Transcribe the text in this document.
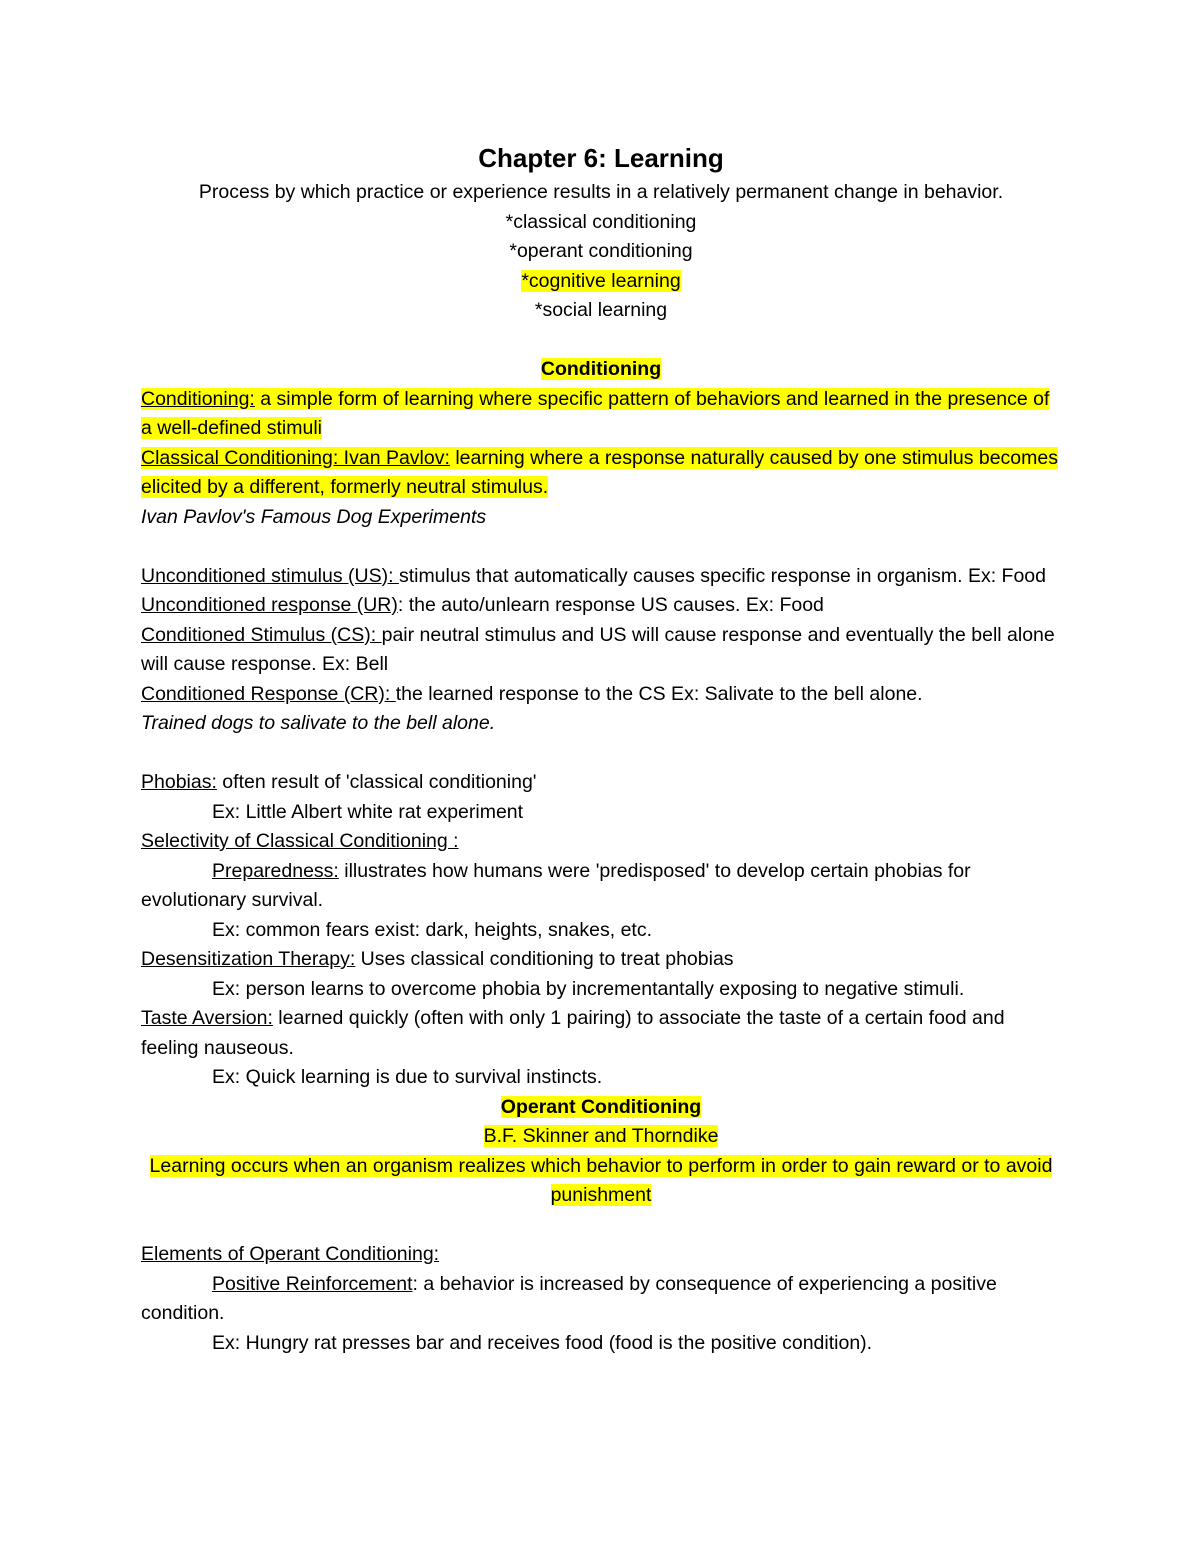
Chapter 6: Learning

Process by which practice or experience results in a relatively permanent change in behavior.

*classical conditioning

*operant conditioning

*cognitive learning

*social learning

Conditioning

Conditioning: a simple form of learning where specific pattern of behaviors and learned in the presence of a well-defined stimuli

Classical Conditioning: Ivan Pavlov: learning where a response naturally caused by one stimulus becomes elicited by a different, formerly neutral stimulus.

Ivan Pavlov's Famous Dog Experiments

Unconditioned stimulus (US): stimulus that automatically causes specific response in organism. Ex: Food

Unconditioned response (UR): the auto/unlearn response US causes. Ex: Food

Conditioned Stimulus (CS): pair neutral stimulus and US will cause response and eventually the bell alone will cause response. Ex: Bell

Conditioned Response (CR): the learned response to the CS Ex: Salivate to the bell alone.

Trained dogs to salivate to the bell alone.

Phobias: often result of 'classical conditioning'

Ex: Little Albert white rat experiment

Selectivity of Classical Conditioning :

Preparedness: illustrates how humans were 'predisposed' to develop certain phobias for evolutionary survival.

Ex: common fears exist: dark, heights, snakes, etc.

Desensitization Therapy: Uses classical conditioning to treat phobias

Ex: person learns to overcome phobia by incrementantally exposing to negative stimuli.

Taste Aversion: learned quickly (often with only 1 pairing) to associate the taste of a certain food and feeling nauseous.

Ex: Quick learning is due to survival instincts.

Operant Conditioning

B.F. Skinner and Thorndike

Learning occurs when an organism realizes which behavior to perform in order to gain reward or to avoid punishment

Elements of Operant Conditioning:

Positive Reinforcement: a behavior is increased by consequence of experiencing a positive condition.

Ex: Hungry rat presses bar and receives food (food is the positive condition).
